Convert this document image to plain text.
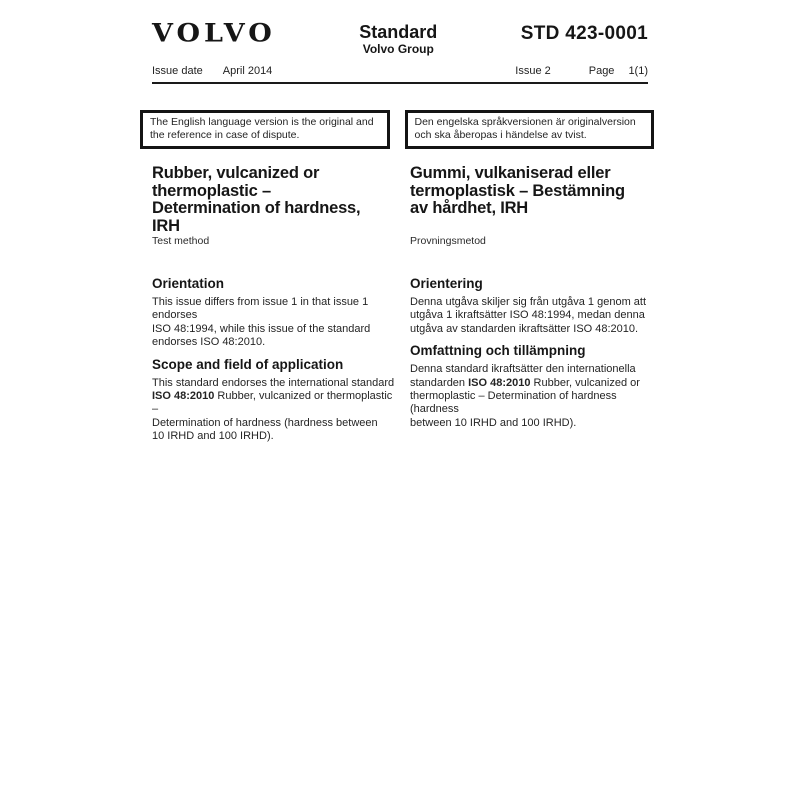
VOLVO	Standard
Volvo Group
STD 423-0001
Issue date April 2014	Issue 2	Page 1(1)
The English language version is the original and the reference in case of dispute.
Den engelska språkversionen är originalversion och ska åberopas i händelse av tvist.
Rubber, vulcanized or
thermoplastic –
Determination of hardness,
IRH
Test method
Orientation
This issue differs from issue 1 in that issue 1 endorses
ISO 48:1994, while this issue of the standard
endorses ISO 48:2010.
Scope and field of application
This standard endorses the international standard
ISO 48:2010 Rubber, vulcanized or thermoplastic –
Determination of hardness (hardness between
10 IRHD and 100 IRHD).
Gummi, vulkaniserad eller
termoplastisk – Bestämning
av hårdhet, IRH
Provningsmetod
Orientering
Denna utgåva skiljer sig från utgåva 1 genom att
utgåva 1 ikraftsätter ISO 48:1994, medan denna
utgåva av standarden ikraftsätter ISO 48:2010.
Omfattning och tillämpning
Denna standard ikraftsätter den internationella
standarden ISO 48:2010 Rubber, vulcanized or
thermoplastic – Determination of hardness (hardness
between 10 IRHD and 100 IRHD).
